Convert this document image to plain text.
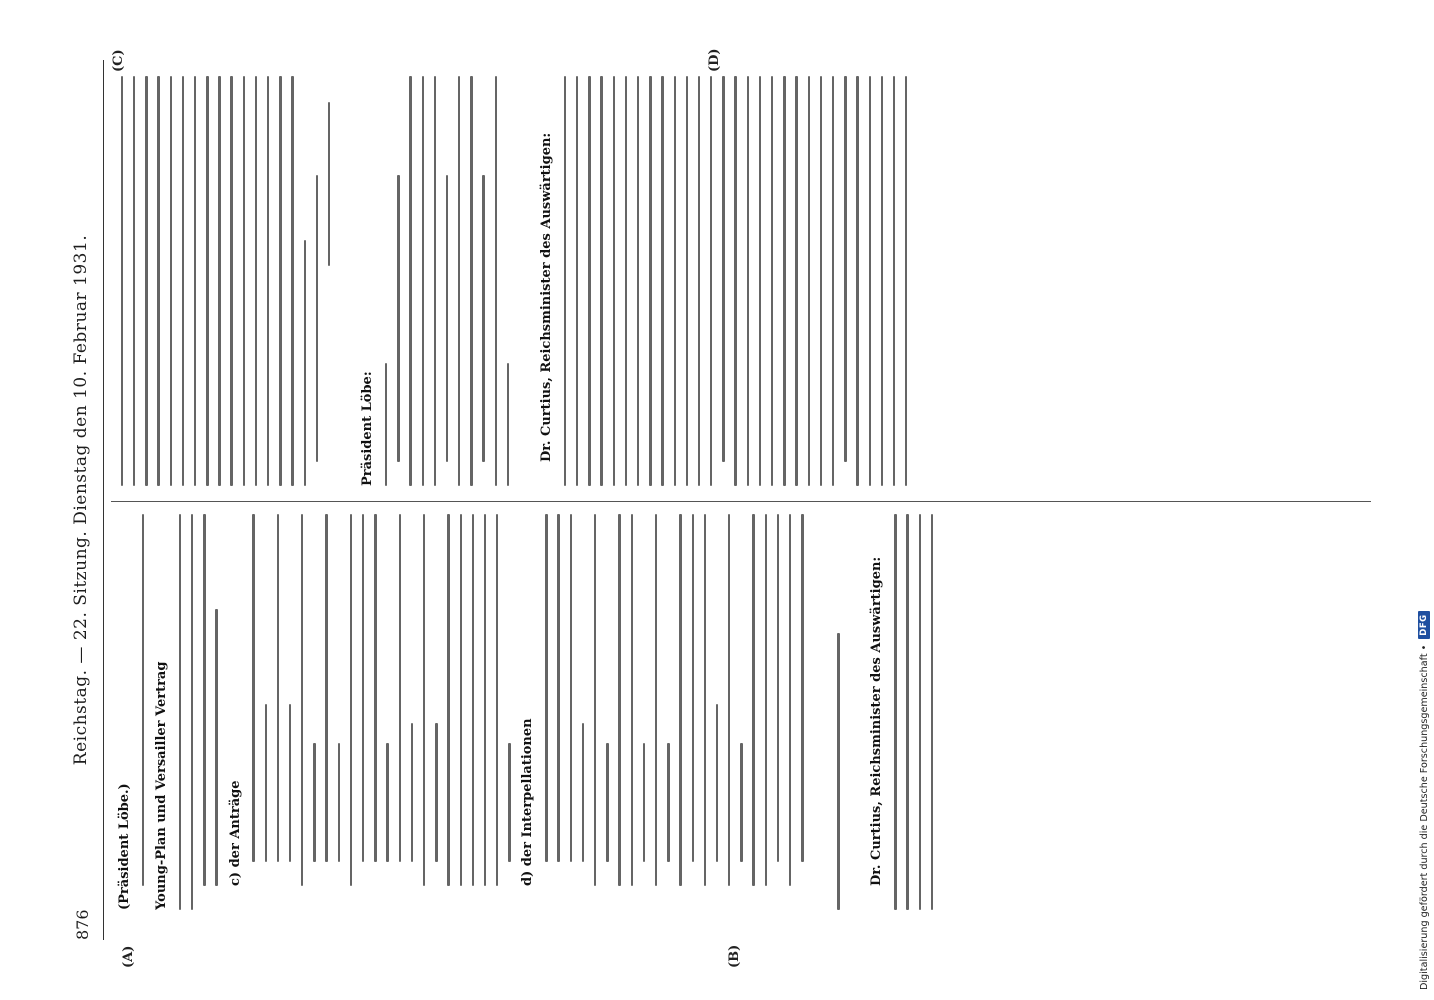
876
Reichstag. — 22. Sitzung. Dienstag den 10. Februar 1931.
(A)	(B)
(C)	(D)
(Präsident Löbe.) Young-Plan und Versailler Vertrag	c) der Anträge	d) der Interpellationen	Dr. Curtius, Reichsminister des Auswärtigen:
Präsident Löbe:	Dr. Curtius, Reichsminister des Auswärtigen:
Digitalisierung gefördert durch die Deutsche Forschungsgemeinschaft •
DFG
